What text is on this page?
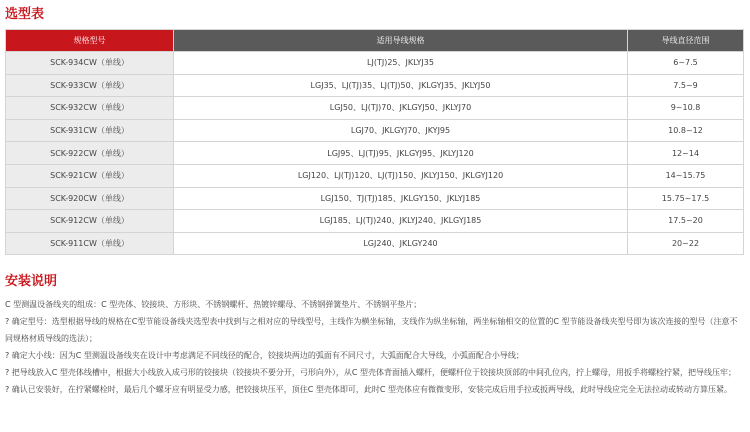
选型表
规格型号	适用导线规格	导线直径范围
SCK-934CW（单线）	LJ(TJ)25、JKLYJ35	6~7.5
SCK-933CW（单线）	LGJ35、LJ(TJ)35、LJ(TJ)50、JKLGYJ35、JKLYJ50	7.5~9
SCK-932CW（单线）	LGJ50、LJ(TJ)70、JKLGYJ50、JKLYJ70	9~10.8
SCK-931CW（单线）	LGJ70、JKLGYJ70、JKYJ95	10.8~12
SCK-922CW（单线）	LGJ95、LJ(TJ)95、JKLGYJ95、JKLYJ120	12~14
SCK-921CW（单线）	LGJ120、LJ(TJ)120、LJ(TJ)150、JKLYJ150、JKLGYJ120	14~15.75
SCK-920CW（单线）	LGJ150、TJ(TJ)185、JKLGY150、JKLYJ185	15.75~17.5
SCK-912CW（单线）	LGJ185、LJ(TJ)240、JKLYJ240、JKLGYJ185	17.5~20
SCK-911CW（单线）	LGJ240、JKLGY240	20~22
安装说明

C 型测温设备线夹的组成：C 型壳体、铰接块、方形块、不锈钢螺杆、热镀锌螺母、不锈钢弹簧垫片、不锈钢平垫片；

? 确定型号：选型根据导线的规格在C型节能设备线夹选型表中找到与之相对应的导线型号，主线作为横坐标轴，支线作为纵坐标轴，两坐标轴相交的位置的C 型节能设备线夹型号即为该次连接的型号（注意不同规格材质导线的选法）；

? 确定大小线：因为C 型测温设备线夹在设计中考虑满足不同线径的配合，铰接块两边的弧面有不同尺寸，大弧面配合大导线，小弧面配合小导线；

? 把导线放入C 型壳体线槽中，根据大小线放入成弓形的铰接块（铰接块不要分开，弓形向外），从C 型壳体背面插入螺杆，便螺杆位于铰接块顶部的中间孔位内，拧上螺母，用扳手将螺栓拧紧，把导线压牢；

? 确认已安装好，在拧紧螺栓时，最后几个螺牙应有明显受力感，把铰接块压平，顶住C 型壳体即可，此时C 型壳体应有微微变形，安装完成后用手拉或扳两导线，此时导线应完全无法拉动或转动方算压紧。
